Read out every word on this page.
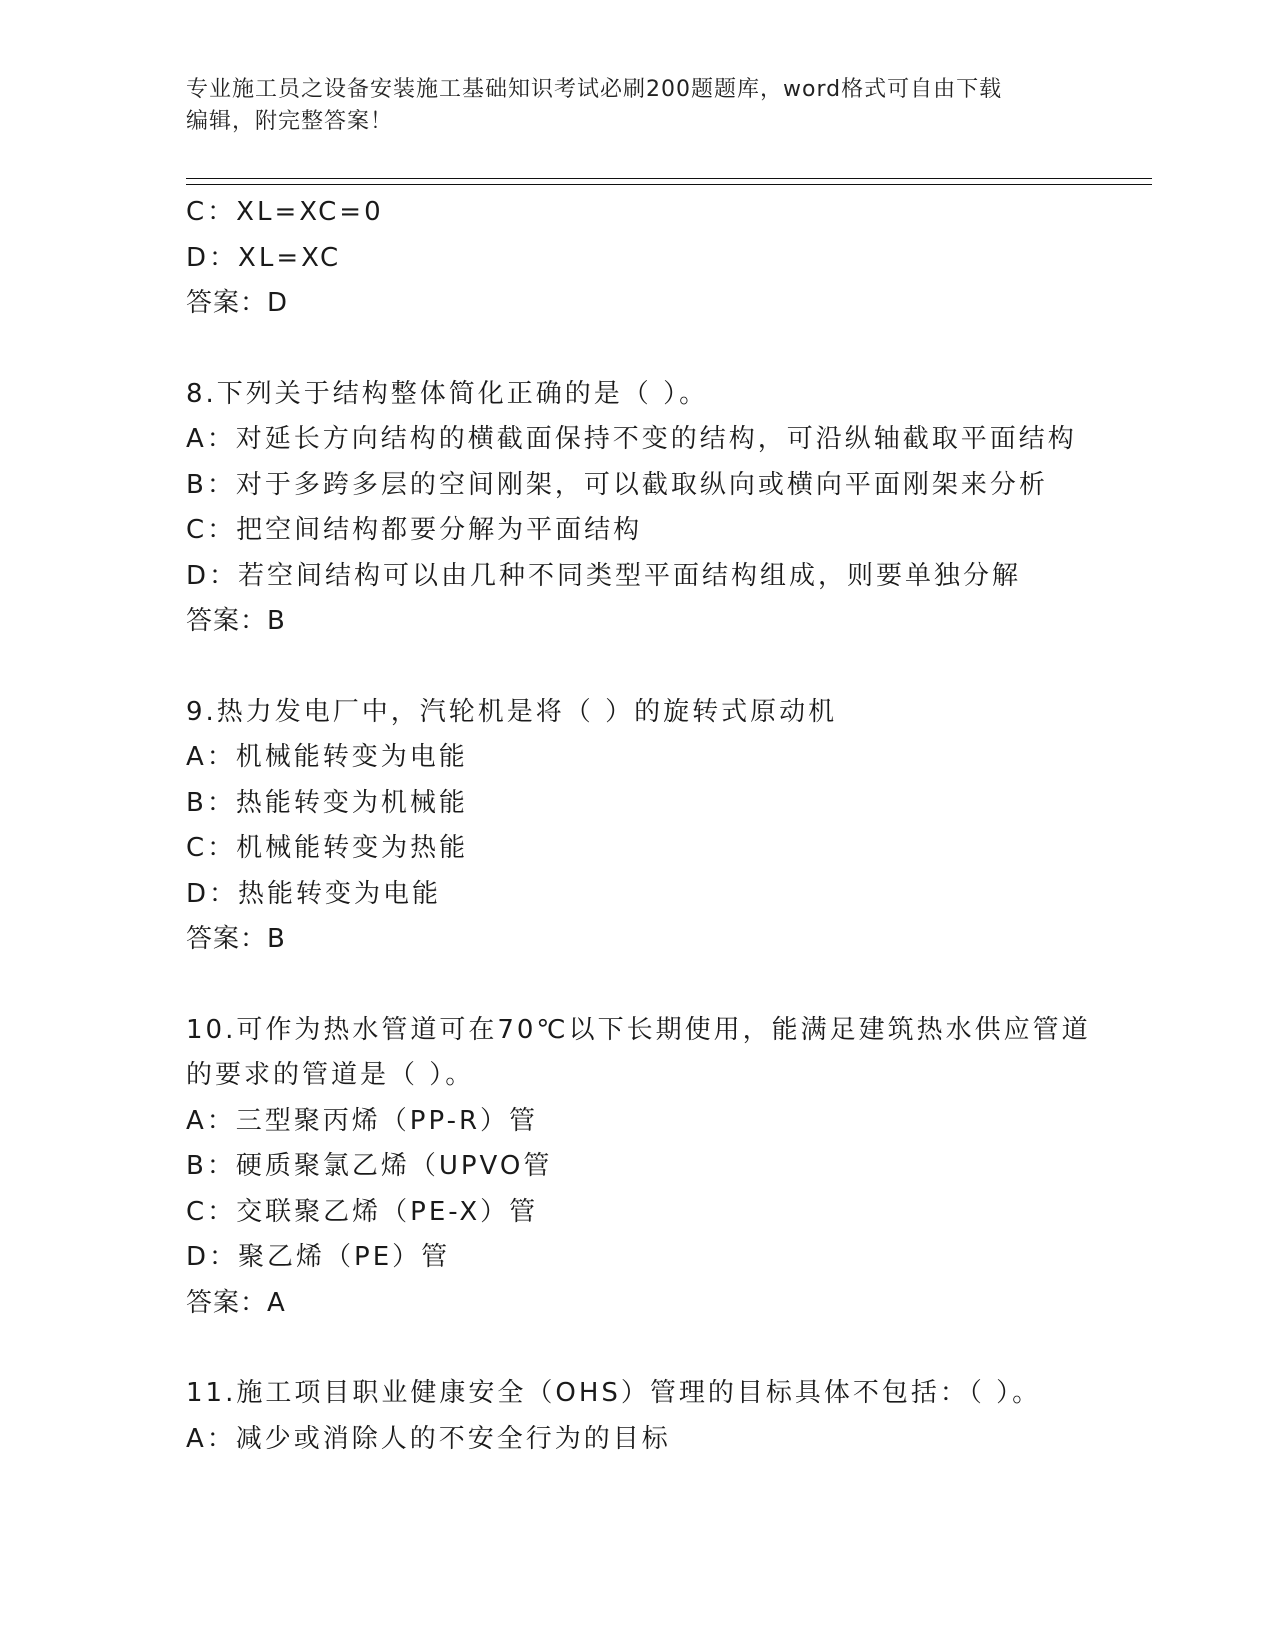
专业施工员之设备安装施工基础知识考试必刷200题题库，word格式可自由下载
编辑，附完整答案！
C：XL=XC=0
D：XL=XC
答案：D
8.下列关于结构整体简化正确的是（ ）。
A：对延长方向结构的横截面保持不变的结构，可沿纵轴截取平面结构
B：对于多跨多层的空间刚架，可以截取纵向或横向平面刚架来分析
C：把空间结构都要分解为平面结构
D：若空间结构可以由几种不同类型平面结构组成，则要单独分解
答案：B
9.热力发电厂中，汽轮机是将（ ）的旋转式原动机
A：机械能转变为电能
B：热能转变为机械能
C：机械能转变为热能
D：热能转变为电能
答案：B
10.可作为热水管道可在70℃以下长期使用，能满足建筑热水供应管道
的要求的管道是（ ）。
A：三型聚丙烯（PP-R）管
B：硬质聚氯乙烯（UPVO管
C：交联聚乙烯（PE-X）管
D：聚乙烯（PE）管
答案：A
11.施工项目职业健康安全（OHS）管理的目标具体不包括：（ ）。
A：减少或消除人的不安全行为的目标
